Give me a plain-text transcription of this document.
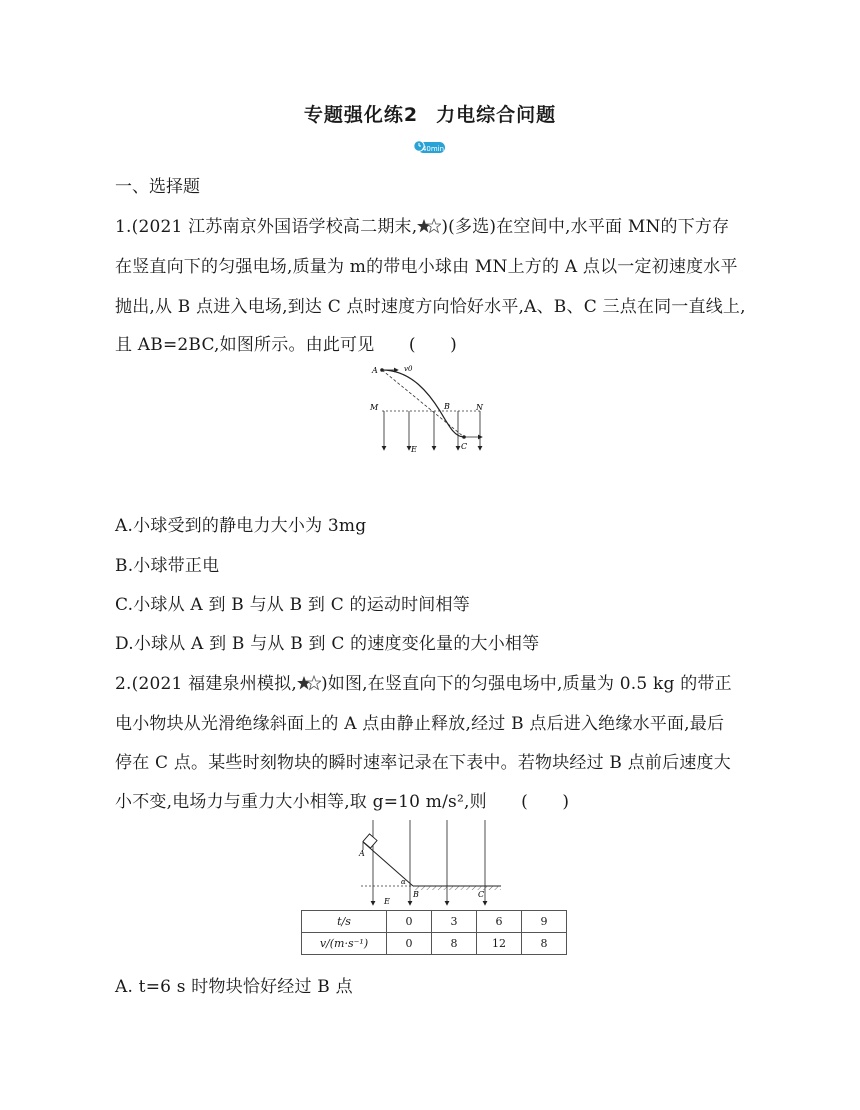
专题强化练2 力电综合问题
40min
一、选择题
1.(2021 江苏南京外国语学校高二期末, )(多选)在空间中,水平面 MN的下方存
在竖直向下的匀强电场,质量为 m的带电小球由 MN上方的 A 点以一定初速度水平
抛出,从 B 点进入电场,到达 C 点时速度方向恰好水平,A、B、C 三点在同一直线上,
且 AB=2BC,如图所示。由此可见　　(　　)
A	v0
M	B	N
E	C
A.小球受到的静电力大小为 3mg
B.小球带正电
C.小球从 A 到 B 与从 B 到 C 的运动时间相等
D.小球从 A 到 B 与从 B 到 C 的速度变化量的大小相等
2.(2021 福建泉州模拟, )如图,在竖直向下的匀强电场中,质量为 0.5 kg 的带正
电小物块从光滑绝缘斜面上的 A 点由静止释放,经过 B 点后进入绝缘水平面,最后
停在 C 点。某些时刻物块的瞬时速率记录在下表中。若物块经过 B 点前后速度大
小不变,电场力与重力大小相等,取 g=10 m/s²,则　　(　　)
A
α
B	C
E
t/s	0	3	6	9
v/(m·s⁻¹)	0	8	12	8
A. t=6 s 时物块恰好经过 B 点
